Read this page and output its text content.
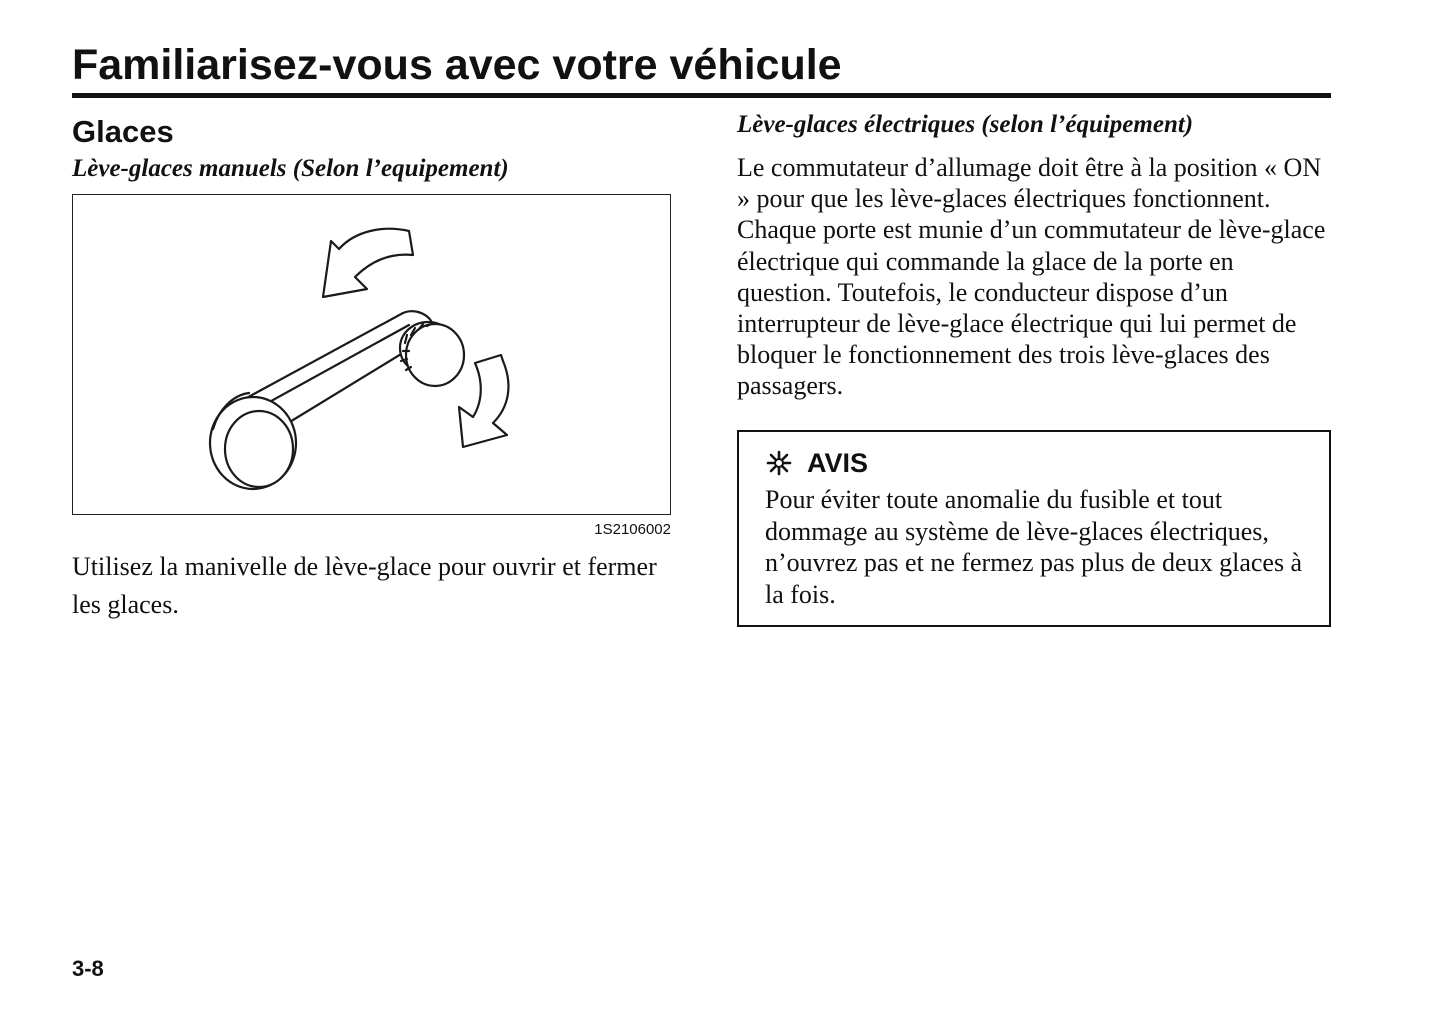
Familiarisez-vous avec votre véhicule
Glaces
Lève-glaces manuels (Selon l’equipement)
1S2106002

Utilisez la manivelle de lève-glace pour ouvrir et fermer les glaces.

Lève-glaces électriques (selon l’équipement)

Le commutateur d’allumage doit être à la position « ON » pour que les lève-glaces électriques fonctionnent. Chaque porte est munie d’un commutateur de lève-glace électrique qui commande la glace de la porte en question. Toutefois, le conducteur dispose d’un interrupteur de lève-glace électrique qui lui permet de bloquer le fonctionnement des trois lève-glaces des passagers.

AVIS

Pour éviter toute anomalie du fusible et tout dommage au système de lève-glaces électriques, n’ouvrez pas et ne fermez pas plus de deux glaces à la fois.

3-8
